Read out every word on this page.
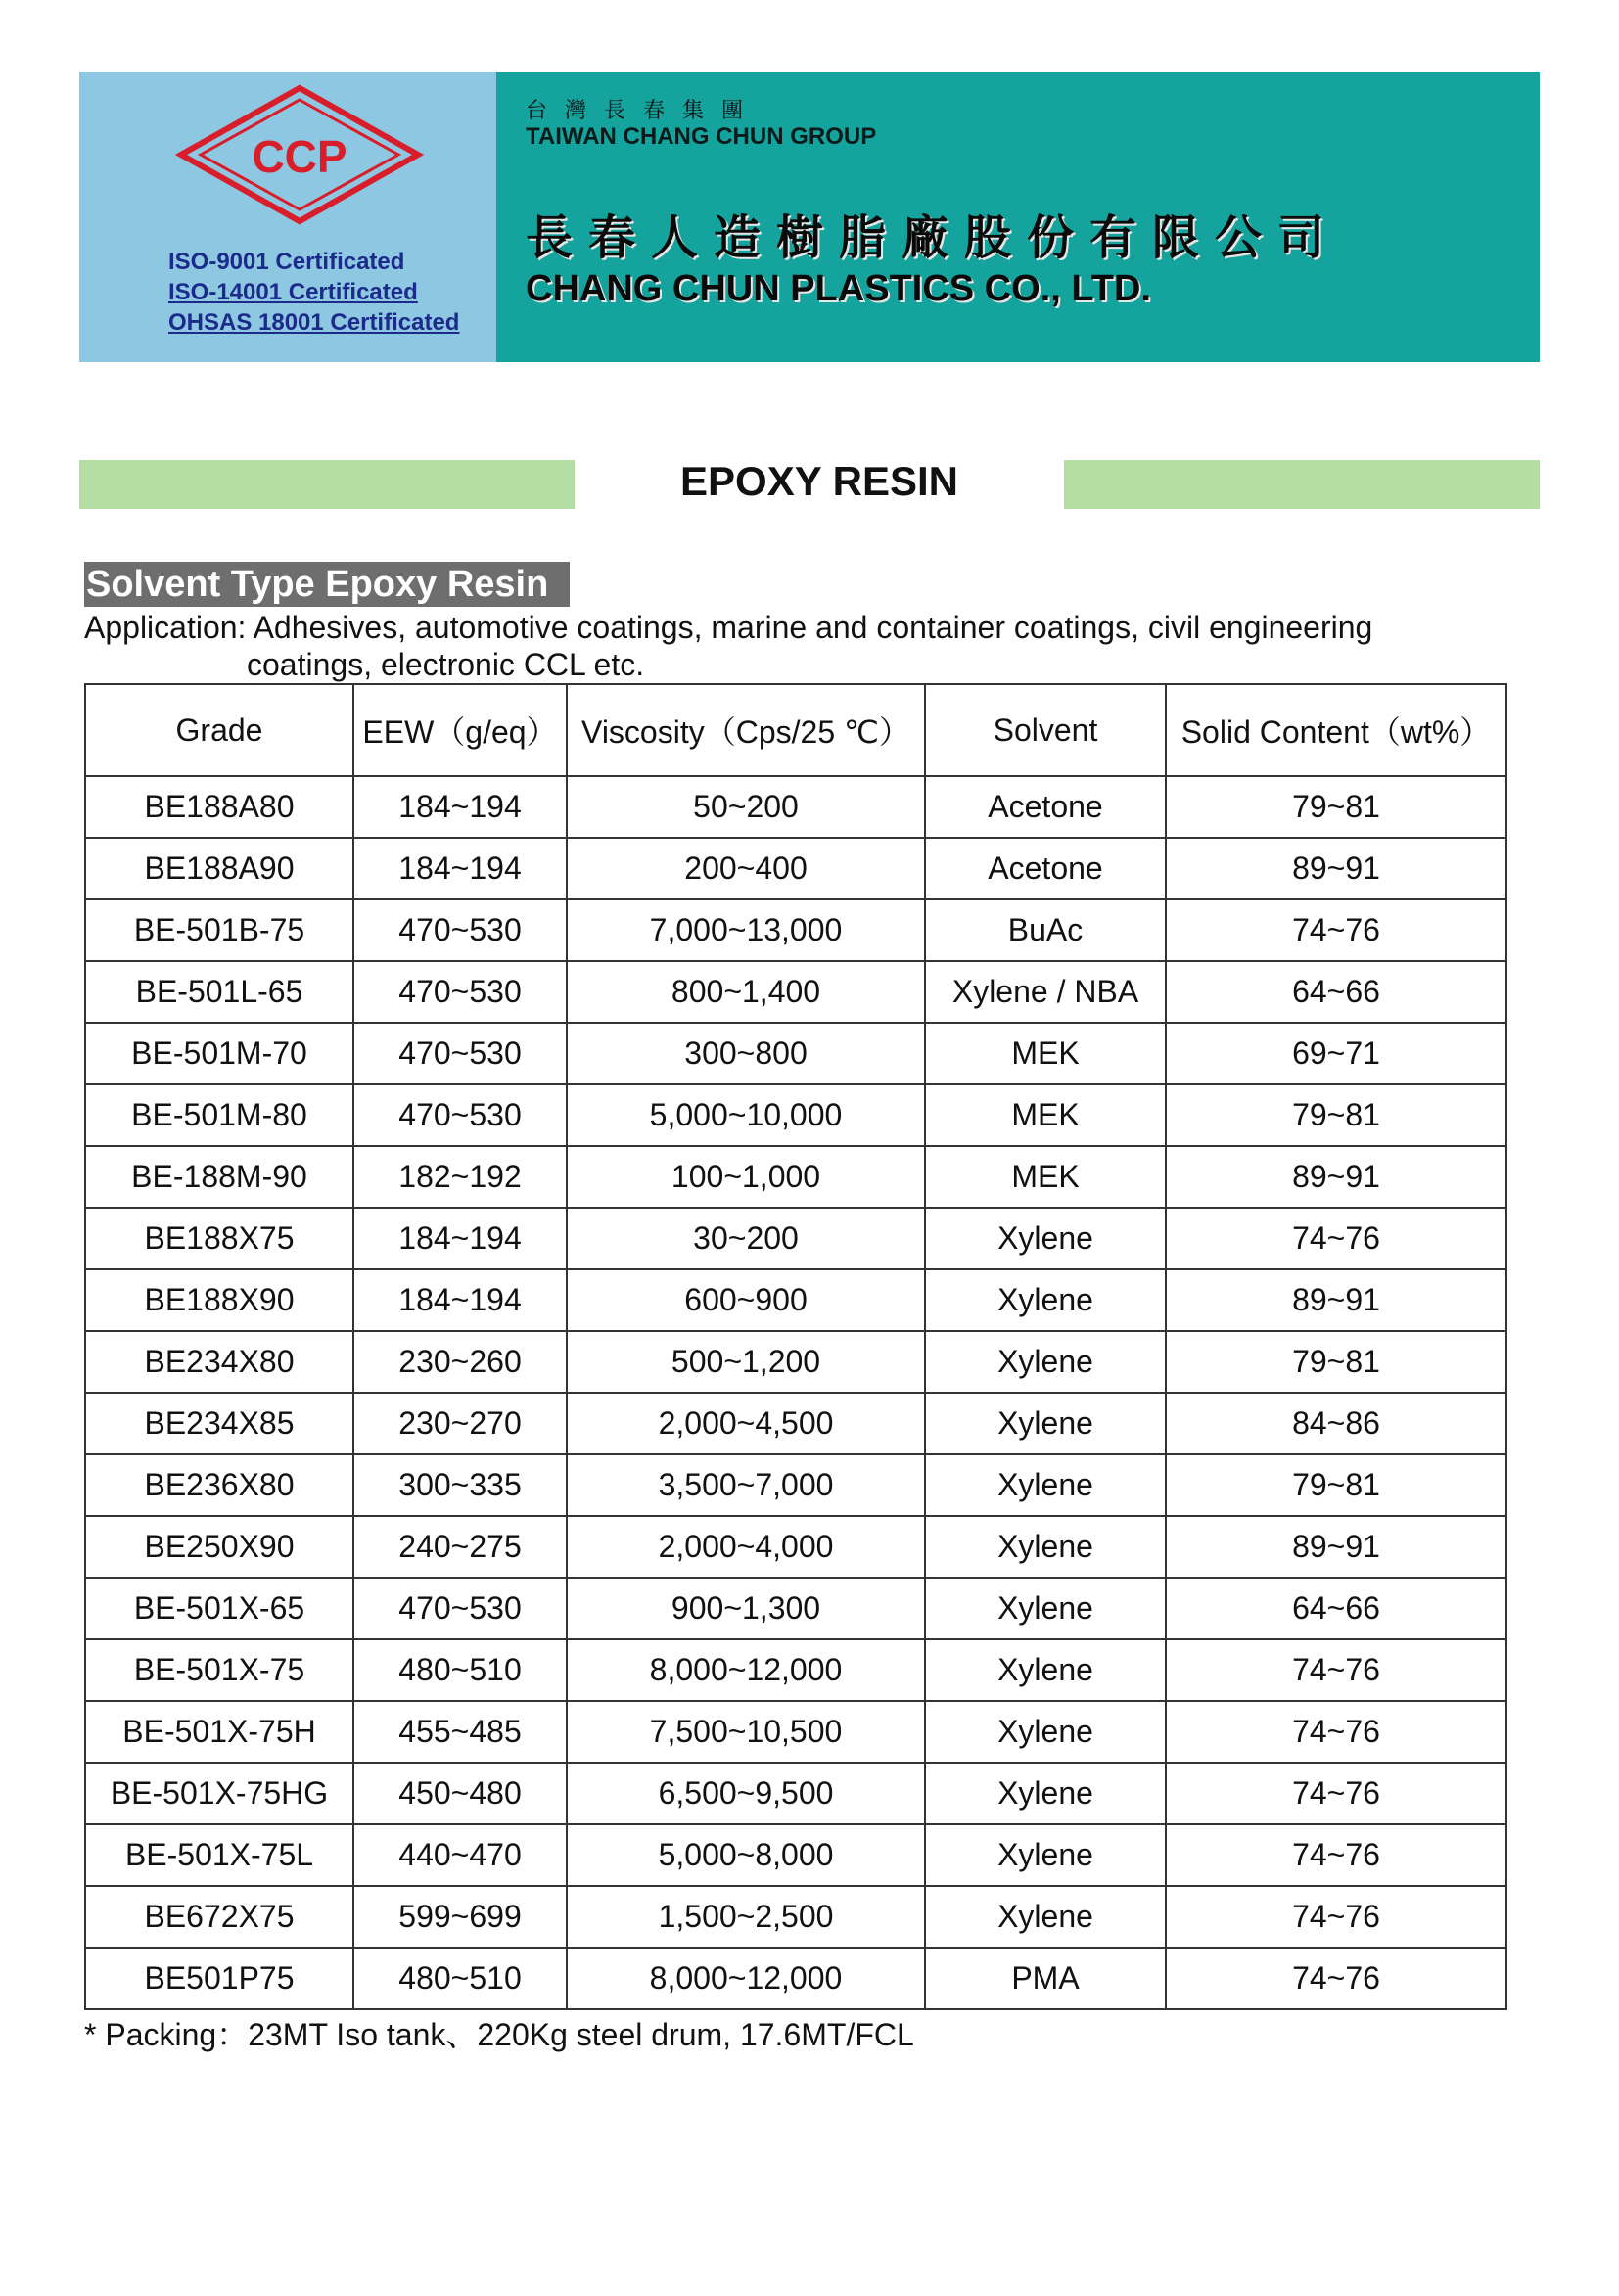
CCP
ISO-9001 Certificated
ISO-14001 Certificated
OHSAS 18001 Certificated
台灣長春集團
TAIWAN CHANG CHUN GROUP
長春人造樹脂廠股份有限公司
CHANG CHUN PLASTICS CO., LTD.
EPOXY RESIN
Solvent Type Epoxy Resin
Application: Adhesives, automotive coatings, marine and container coatings, civil engineering
coatings, electronic CCL etc.
Grade	EEW（g/eq）	Viscosity（Cps/25 ℃）	Solvent	Solid Content（wt%）
BE188A80	184~194	50~200	Acetone	79~81
BE188A90	184~194	200~400	Acetone	89~91
BE-501B-75	470~530	7,000~13,000	BuAc	74~76
BE-501L-65	470~530	800~1,400	Xylene / NBA	64~66
BE-501M-70	470~530	300~800	MEK	69~71
BE-501M-80	470~530	5,000~10,000	MEK	79~81
BE-188M-90	182~192	100~1,000	MEK	89~91
BE188X75	184~194	30~200	Xylene	74~76
BE188X90	184~194	600~900	Xylene	89~91
BE234X80	230~260	500~1,200	Xylene	79~81
BE234X85	230~270	2,000~4,500	Xylene	84~86
BE236X80	300~335	3,500~7,000	Xylene	79~81
BE250X90	240~275	2,000~4,000	Xylene	89~91
BE-501X-65	470~530	900~1,300	Xylene	64~66
BE-501X-75	480~510	8,000~12,000	Xylene	74~76
BE-501X-75H	455~485	7,500~10,500	Xylene	74~76
BE-501X-75HG	450~480	6,500~9,500	Xylene	74~76
BE-501X-75L	440~470	5,000~8,000	Xylene	74~76
BE672X75	599~699	1,500~2,500	Xylene	74~76
BE501P75	480~510	8,000~12,000	PMA	74~76
* Packing：23MT Iso tank、220Kg steel drum, 17.6MT/FCL
